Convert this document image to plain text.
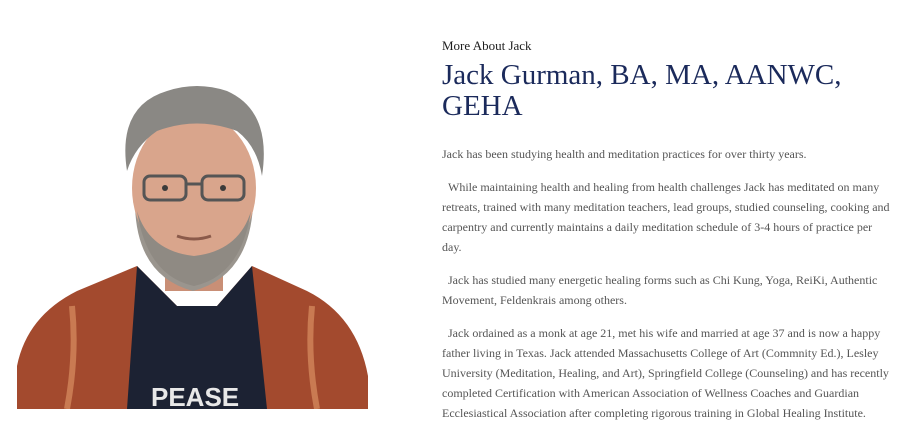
PEASE
More About Jack
Jack Gurman, BA, MA, AANWC, GEHA

Jack has been studying health and meditation practices for over thirty years.

While maintaining health and healing from health challenges Jack has meditated on many retreats, trained with many meditation teachers, lead groups, studied counseling, cooking and carpentry and currently maintains a daily meditation schedule of 3-4 hours of practice per day.

Jack has studied many energetic healing forms such as Chi Kung, Yoga, ReiKi, Authentic Movement, Feldenkrais among others.

Jack ordained as a monk at age 21, met his wife and married at age 37 and is now a happy father living in Texas. Jack attended Massachusetts College of Art (Commnity Ed.), Lesley University (Meditation, Healing, and Art), Springfield College (Counseling) and has recently completed Certification with American Association of Wellness Coaches and Guardian Ecclesiastical Association after completing rigorous training in Global Healing Institute.
